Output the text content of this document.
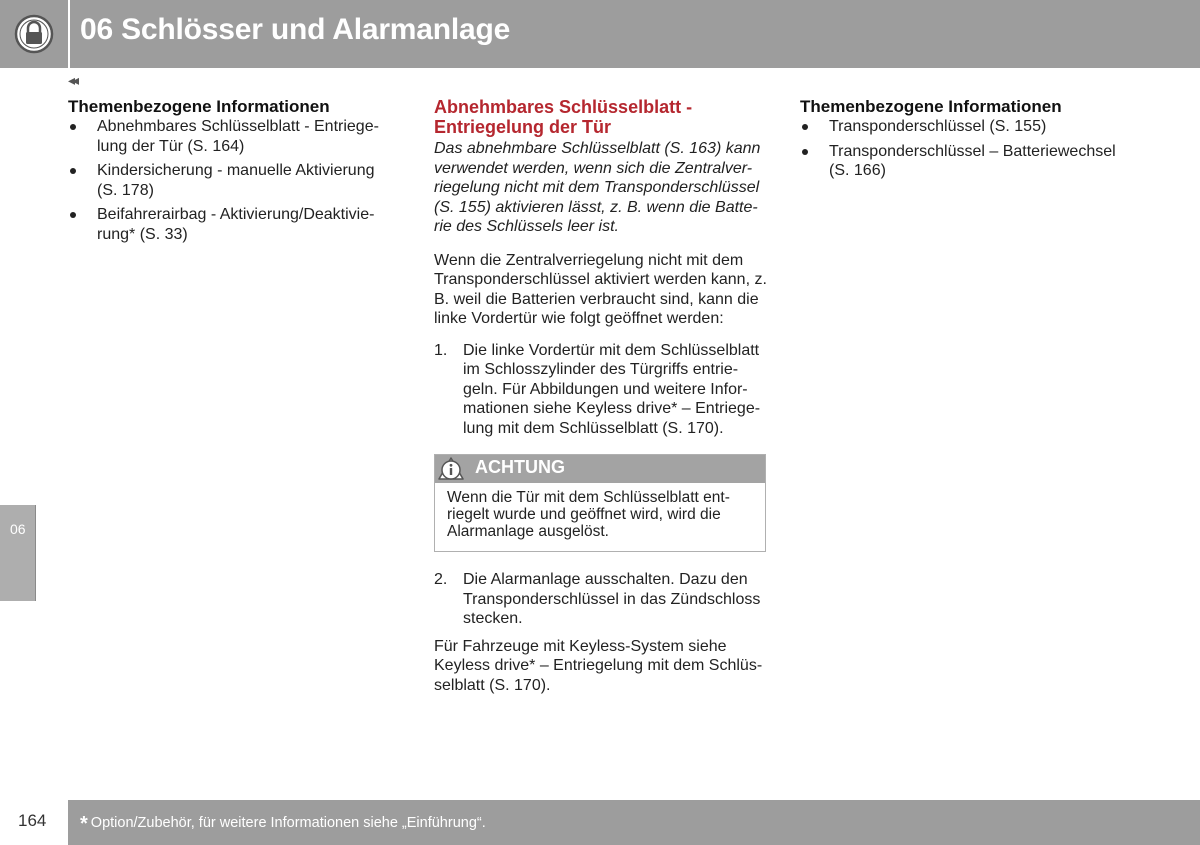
06 Schlösser und Alarmanlage
◂◂
06
Themenbezogene Informationen
Abnehmbares Schlüsselblatt - Entriege-lung der Tür (S. 164)
Kindersicherung - manuelle Aktivierung (S. 178)
Beifahrerairbag - Aktivierung/Deaktivie-rung* (S. 33)
Abnehmbares Schlüsselblatt - Entriegelung der Tür

Das abnehmbare Schlüsselblatt (S. 163) kann verwendet werden, wenn sich die Zentralver-riegelung nicht mit dem Transponderschlüssel (S. 155) aktivieren lässt, z. B. wenn die Batte-rie des Schlüssels leer ist.

Wenn die Zentralverriegelung nicht mit dem Transponderschlüssel aktiviert werden kann, z. B. weil die Batterien verbraucht sind, kann die linke Vordertür wie folgt geöffnet werden:

1. Die linke Vordertür mit dem Schlüsselblatt im Schlosszylinder des Türgriffs entrie-geln. Für Abbildungen und weitere Infor-mationen siehe Keyless drive* – Entriege-lung mit dem Schlüsselblatt (S. 170).
ACHTUNG
Wenn die Tür mit dem Schlüsselblatt ent-riegelt wurde und geöffnet wird, wird die Alarmanlage ausgelöst.
2. Die Alarmanlage ausschalten. Dazu den Transponderschlüssel in das Zündschloss stecken.

Für Fahrzeuge mit Keyless-System siehe Keyless drive* – Entriegelung mit dem Schlüs-selblatt (S. 170).

Themenbezogene Informationen
Transponderschlüssel (S. 155)
Transponderschlüssel – Batteriewechsel (S. 166)
164 * Option/Zubehör, für weitere Informationen siehe „Einführung“.
